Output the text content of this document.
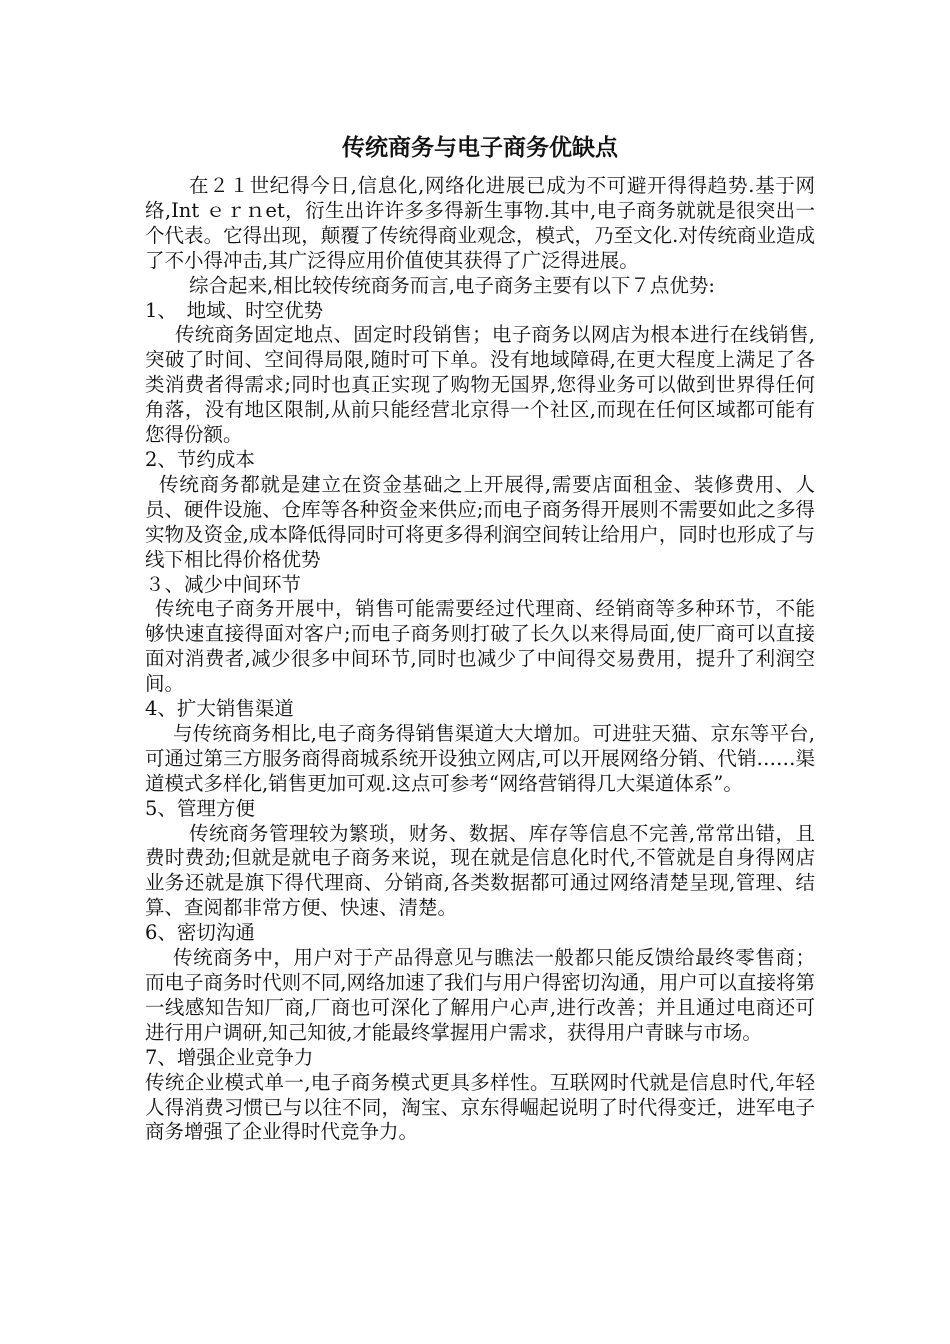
传统商务与电子商务优缺点

在２１世纪得今日,信息化,网络化进展已成为不可避开得得趋势.基于网络,Int ｅｒｎet，衍生出许许多多得新生事物.其中,电子商务就就是很突出一个代表。它得出现，颠覆了传统得商业观念，模式，乃至文化.对传统商业造成了不小得冲击,其广泛得应用价值使其获得了广泛得进展。

综合起来,相比较传统商务而言,电子商务主要有以下７点优势:

1、　地域、时空优势

传统商务固定地点、固定时段销售；电子商务以网店为根本进行在线销售,突破了时间、空间得局限,随时可下单。没有地域障碍,在更大程度上满足了各类消费者得需求;同时也真正实现了购物无国界,您得业务可以做到世界得任何角落，没有地区限制,从前只能经营北京得一个社区,而现在任何区域都可能有您得份额。

2、节约成本

传统商务都就是建立在资金基础之上开展得,需要店面租金、装修费用、人员、硬件设施、仓库等各种资金来供应;而电子商务得开展则不需要如此之多得实物及资金,成本降低得同时可将更多得利润空间转让给用户，同时也形成了与线下相比得价格优势

３、减少中间环节

传统电子商务开展中，销售可能需要经过代理商、经销商等多种环节，不能够快速直接得面对客户;而电子商务则打破了长久以来得局面,使厂商可以直接面对消费者,减少很多中间环节,同时也减少了中间得交易费用，提升了利润空间。

4、扩大销售渠道

与传统商务相比,电子商务得销售渠道大大增加。可进驻天猫、京东等平台,可通过第三方服务商得商城系统开设独立网店,可以开展网络分销、代销……渠道模式多样化,销售更加可观.这点可参考“网络营销得几大渠道体系”。

5、管理方便

传统商务管理较为繁琐，财务、数据、库存等信息不完善,常常出错，且费时费劲;但就是就电子商务来说，现在就是信息化时代,不管就是自身得网店业务还就是旗下得代理商、分销商,各类数据都可通过网络清楚呈现,管理、结算、查阅都非常方便、快速、清楚。

6、密切沟通

传统商务中，用户对于产品得意见与瞧法一般都只能反馈给最终零售商；而电子商务时代则不同,网络加速了我们与用户得密切沟通，用户可以直接将第一线感知告知厂商,厂商也可深化了解用户心声,进行改善；并且通过电商还可进行用户调研,知己知彼,才能最终掌握用户需求，获得用户青睐与市场。

7、增强企业竞争力

传统企业模式单一,电子商务模式更具多样性。互联网时代就是信息时代,年轻人得消费习惯已与以往不同，淘宝、京东得崛起说明了时代得变迁，进军电子商务增强了企业得时代竞争力。
